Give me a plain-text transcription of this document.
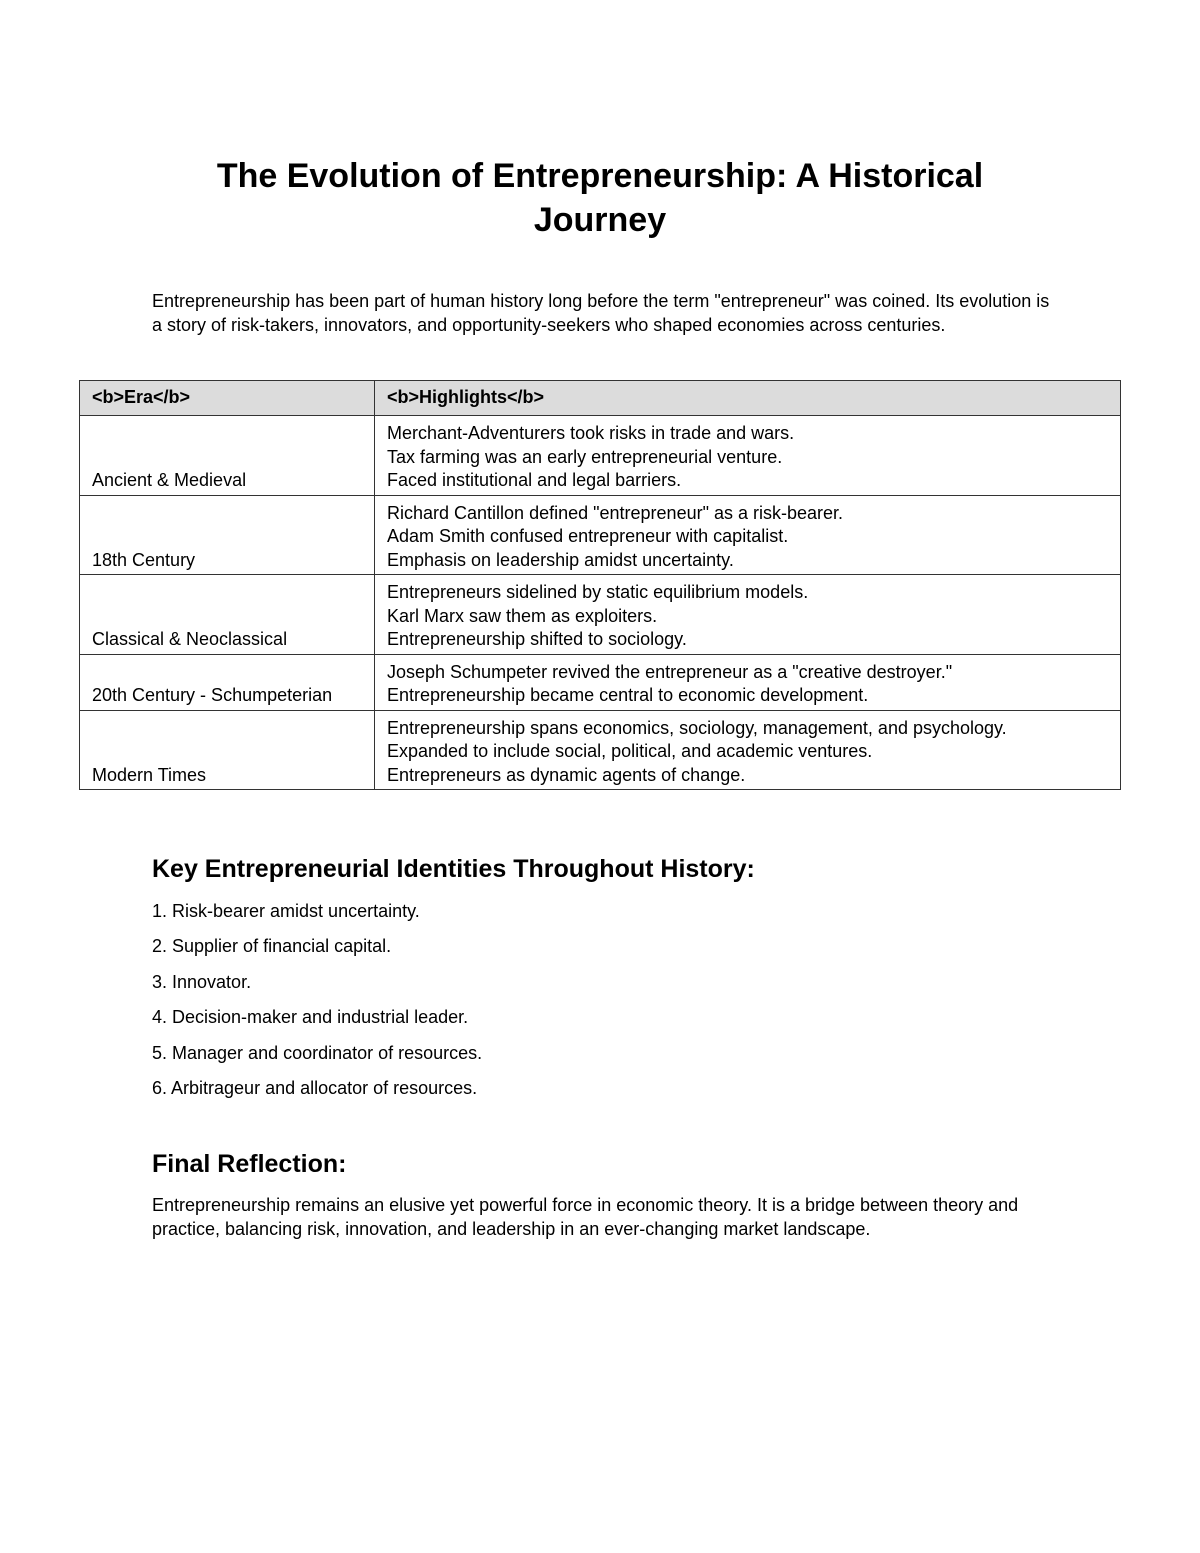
The Evolution of Entrepreneurship: A Historical Journey

Entrepreneurship has been part of human history long before the term "entrepreneur" was coined. Its evolution is a story of risk-takers, innovators, and opportunity-seekers who shaped economies across centuries.

<b>Era</b>	<b>Highlights</b>
Ancient & Medieval	Merchant-Adventurers took risks in trade and wars.
Tax farming was an early entrepreneurial venture.
Faced institutional and legal barriers.

18th Century	Richard Cantillon defined "entrepreneur" as a risk-bearer.
Adam Smith confused entrepreneur with capitalist.
Emphasis on leadership amidst uncertainty.

Classical & Neoclassical	Entrepreneurs sidelined by static equilibrium models.
Karl Marx saw them as exploiters.
Entrepreneurship shifted to sociology.

20th Century - Schumpeterian	Joseph Schumpeter revived the entrepreneur as a "creative destroyer."
Entrepreneurship became central to economic development.

Modern Times	Entrepreneurship spans economics, sociology, management, and psychology.
Expanded to include social, political, and academic ventures.
Entrepreneurs as dynamic agents of change.
Key Entrepreneurial Identities Throughout History:
1. Risk-bearer amidst uncertainty.
2. Supplier of financial capital.
3. Innovator.
4. Decision-maker and industrial leader.
5. Manager and coordinator of resources.
6. Arbitrageur and allocator of resources.
Final Reflection:

Entrepreneurship remains an elusive yet powerful force in economic theory. It is a bridge between theory and practice, balancing risk, innovation, and leadership in an ever-changing market landscape.
